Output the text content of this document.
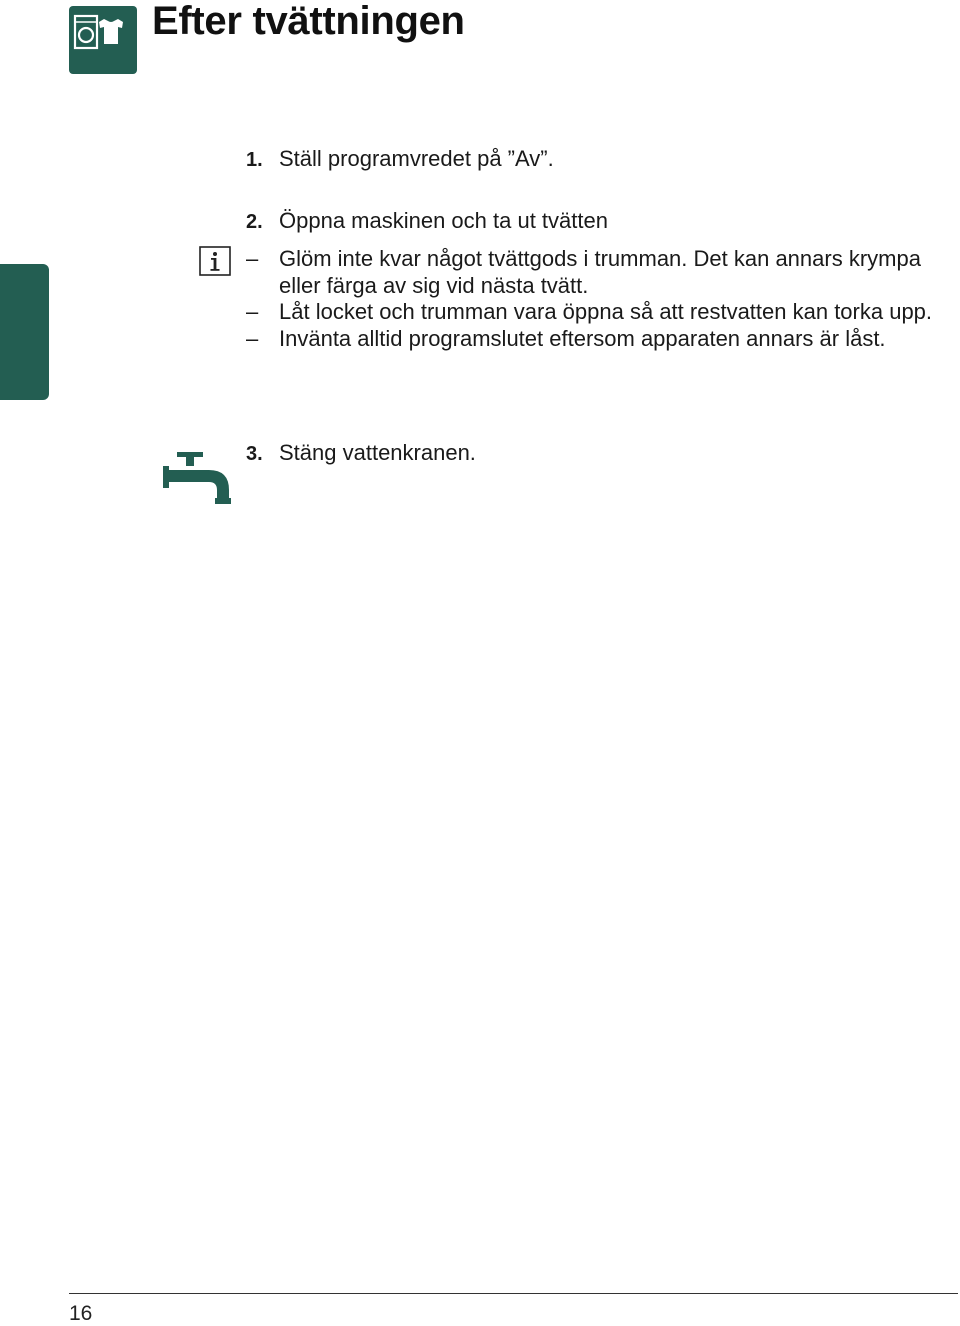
Efter tvättningen
1. Ställ programvredet på ”Av”.
2. Öppna maskinen och ta ut tvätten
– Glöm inte kvar något tvättgods i trumman. Det kan annars krympa eller färga av sig vid nästa tvätt.
– Låt locket och trumman vara öppna så att restvatten kan torka upp.
– Invänta alltid programslutet eftersom apparaten annars är låst.
3. Stäng vattenkranen.
16
